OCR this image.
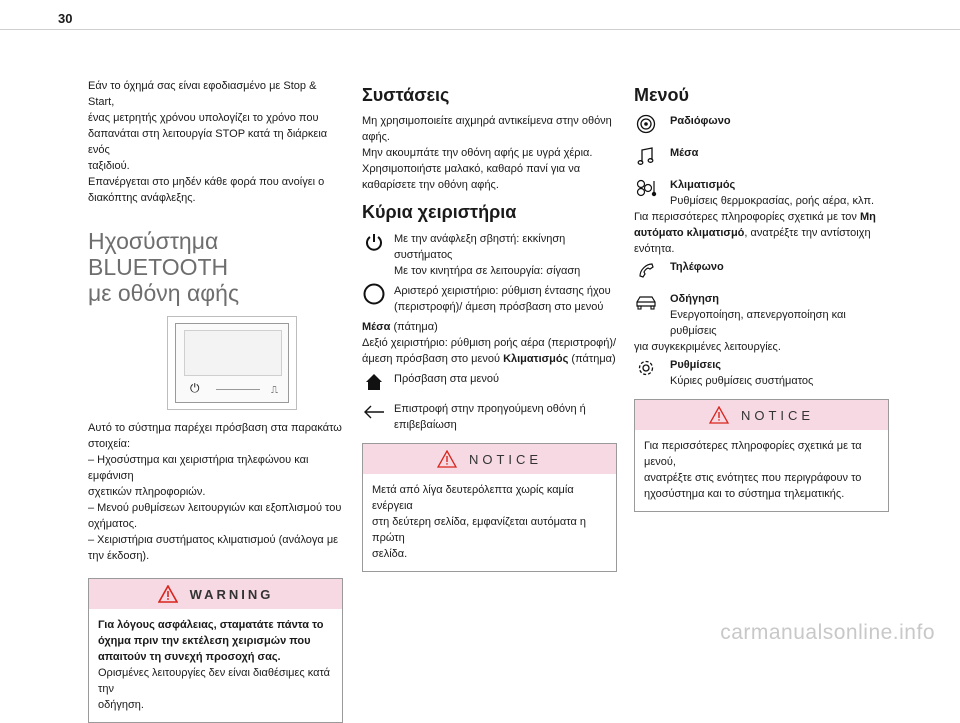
30

Εάν το όχημά σας είναι εφοδιασμένο με Stop & Start,

ένας μετρητής χρόνου υπολογίζει το χρόνο που

δαπανάται στη λειτουργία STOP κατά τη διάρκεια ενός

ταξιδιού.

Επανέργεται στο μηδέν κάθε φορά που ανοίγει ο

διακόπτης ανάφλεξης.

Ηχοσύστημα BLUETOOTH
με οθόνη αφής
⏻	⎍

Αυτό το σύστημα παρέχει πρόσβαση στα παρακάτω

στοιχεία:

– Ηχοσύστημα και χειριστήρια τηλεφώνου και εμφάνιση

σχετικών πληροφοριών.

– Μενού ρυθμίσεων λειτουργιών και εξοπλισμού του

οχήματος.

– Χειριστήρια συστήματος κλιματισμού (ανάλογα με

την έκδοση).

WARNING

Για λόγους ασφάλειας, σταματάτε πάντα το

όχημα πριν την εκτέλεση χειρισμών που

απαιτούν τη συνεχή προσοχή σας.

Ορισμένες λειτουργίες δεν είναι διαθέσιμες κατά την

οδήγηση.

Συστάσεις

Μη χρησιμοποιείτε αιχμηρά αντικείμενα στην οθόνη

αφής.

Μην ακουμπάτε την οθόνη αφής με υγρά χέρια.

Χρησιμοποιήστε μαλακό, καθαρό πανί για να

καθαρίσετε την οθόνη αφής.

Κύρια χειριστήρια

Με την ανάφλεξη σβηστή: εκκίνηση συστήματος

Με τον κινητήρα σε λειτουργία: σίγαση

Αριστερό χειριστήριο: ρύθμιση έντασης ήχου

(περιστροφή)/ άμεση πρόσβαση στο μενού

Μέσα (πάτημα)

Δεξιό χειριστήριο: ρύθμιση ροής αέρα (περιστροφή)/

άμεση πρόσβαση στο μενού Κλιματισμός (πάτημα)

Πρόσβαση στα μενού

Επιστροφή στην προηγούμενη οθόνη ή

επιβεβαίωση

NOTICE

Μετά από λίγα δευτερόλεπτα χωρίς καμία ενέργεια

στη δεύτερη σελίδα, εμφανίζεται αυτόματα η πρώτη

σελίδα.

Μενού
Ραδιόφωνο
Μέσα
Κλιματισμός

Ρυθμίσεις θερμοκρασίας, ροής αέρα, κλπ.

Για περισσότερες πληροφορίες σχετικά με τον Μη

αυτόματο κλιματισμό, ανατρέξτε την αντίστοιχη

ενότητα.

Τηλέφωνο
Οδήγηση

Ενεργοποίηση, απενεργοποίηση και ρυθμίσεις

για συγκεκριμένες λειτουργίες.

Ρυθμίσεις

Κύριες ρυθμίσεις συστήματος

NOTICE

Για περισσότερες πληροφορίες σχετικά με τα μενού,

ανατρέξτε στις ενότητες που περιγράφουν το

ηχοσύστημα και το σύστημα τηλεματικής.

carmanualsonline.info
